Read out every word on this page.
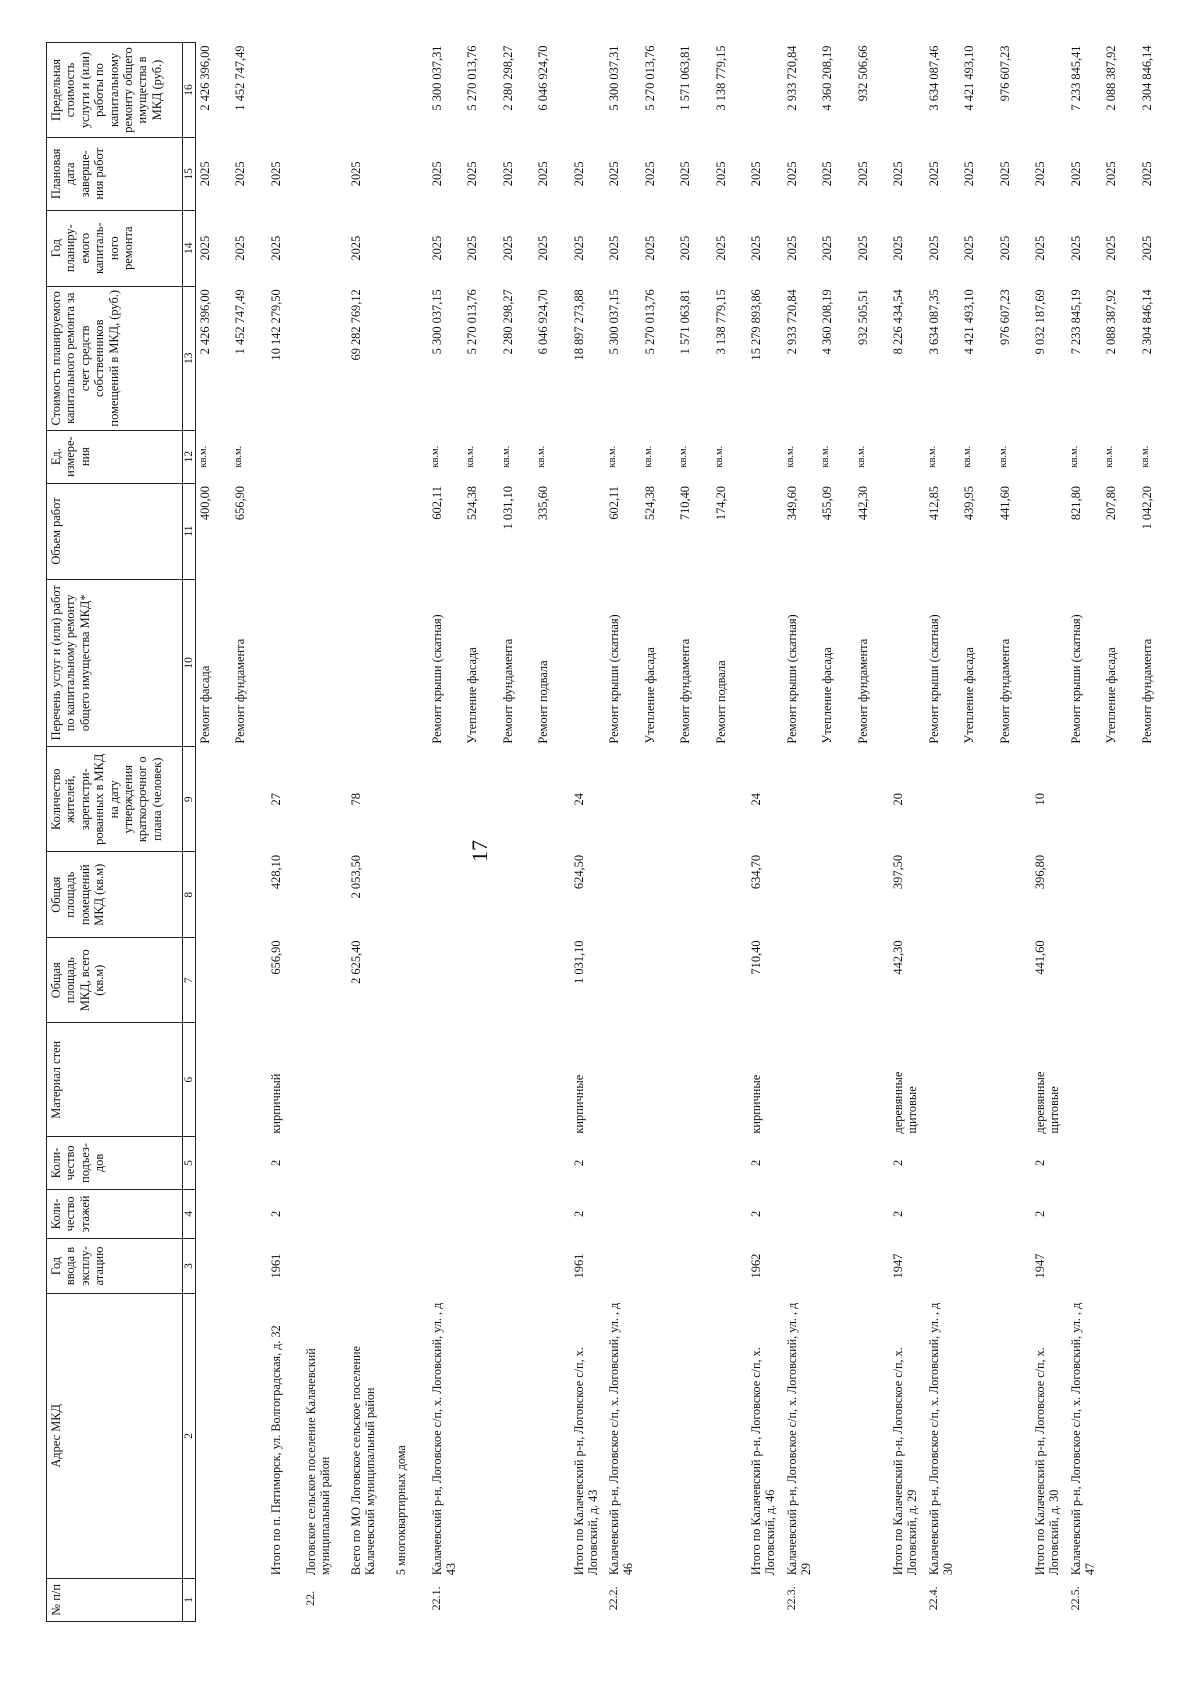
17
№ п/п	Адрес МКД	Год ввода в эксплу-атацию	Коли-чество этажей	Коли-чество подъез-дов	Материал стен	Общая площадь МКД, всего (кв.м)	Общая площадь помещений МКД (кв.м)	Количество жителей, зарегистри-рованных в МКД на дату утверждения краткосрочног о плана (человек)	Перечень услуг и (или) работ по капитальному ремонту общего имущества МКД*	Объем работ	Ед. измере-ния	Стоимость планируемого капитального ремонта за счет средств собственников помещений в МКД, (руб.)	Год планиру-емого капиталь-ного ремонта	Плановая дата заверше-ния работ	Предельная стоимость услуги и (или) работы по капитальному ремонту общего имущества в МКД (руб.)
1	2	3	4	5	6	7	8	9	10	11	12	13	14	15	16
									Ремонт фасада	400,00	кв.м.	2 426 396,00	2025	2025	2 426 396,00
									Ремонт фундамента	656,90	кв.м.	1 452 747,49	2025	2025	1 452 747,49
	Итого по п. Пятиморск, ул. Волгоградская, д. 32	1961	2	2	кирпичный	656,90	428,10	27				10 142 279,50	2025	2025	
22.	Логовское сельское поселение Калачевский муниципальный район														
	Всего по МО Логовское сельское поселение Калачевский муниципальный район					2 625,40	2 053,50	78				69 282 769,12	2025	2025	
	5 многоквартирных дома														
22.1.	Калачевский р-н, Логовское с/п, х. Логовский, ул. , д 43								Ремонт крыши (скатная)	602,11	кв.м.	5 300 037,15	2025	2025	5 300 037,31
									Утепление фасада	524,38	кв.м.	5 270 013,76	2025	2025	5 270 013,76
									Ремонт фундамента	1 031,10	кв.м.	2 280 298,27	2025	2025	2 280 298,27
									Ремонт подвала	335,60	кв.м.	6 046 924,70	2025	2025	6 046 924,70
	Итого по Калачевский р-н, Логовское с/п, х. Логовский, д. 43	1961	2	2	кирпичные	1 031,10	624,50	24				18 897 273,88	2025	2025	
22.2.	Калачевский р-н, Логовское с/п, х. Логовский, ул. , д 46								Ремонт крыши (скатная)	602,11	кв.м.	5 300 037,15	2025	2025	5 300 037,31
									Утепление фасада	524,38	кв.м.	5 270 013,76	2025	2025	5 270 013,76
									Ремонт фундамента	710,40	кв.м.	1 571 063,81	2025	2025	1 571 063,81
									Ремонт подвала	174,20	кв.м.	3 138 779,15	2025	2025	3 138 779,15
	Итого по Калачевский р-н, Логовское с/п, х. Логовский, д. 46	1962	2	2	кирпичные	710,40	634,70	24				15 279 893,86	2025	2025	
22.3.	Калачевский р-н, Логовское с/п, х. Логовский, ул. , д 29								Ремонт крыши (скатная)	349,60	кв.м.	2 933 720,84	2025	2025	2 933 720,84
									Утепление фасада	455,09	кв.м.	4 360 208,19	2025	2025	4 360 208,19
									Ремонт фундамента	442,30	кв.м.	932 505,51	2025	2025	932 506,66
	Итого по Калачевский р-н, Логовское с/п, х. Логовский, д. 29	1947	2	2	деревянные щитовые	442,30	397,50	20				8 226 434,54	2025	2025	
22.4.	Калачевский р-н, Логовское с/п, х. Логовский, ул. , д 30								Ремонт крыши (скатная)	412,85	кв.м.	3 634 087,35	2025	2025	3 634 087,46
									Утепление фасада	439,95	кв.м.	4 421 493,10	2025	2025	4 421 493,10
									Ремонт фундамента	441,60	кв.м.	976 607,23	2025	2025	976 607,23
	Итого по Калачевский р-н, Логовское с/п, х. Логовский, д. 30	1947	2	2	деревянные щитовые	441,60	396,80	10				9 032 187,69	2025	2025	
22.5.	Калачевский р-н, Логовское с/п, х. Логовский, ул. , д 47								Ремонт крыши (скатная)	821,80	кв.м.	7 233 845,19	2025	2025	7 233 845,41
									Утепление фасада	207,80	кв.м.	2 088 387,92	2025	2025	2 088 387,92
									Ремонт фундамента	1 042,20	кв.м.	2 304 846,14	2025	2025	2 304 846,14
